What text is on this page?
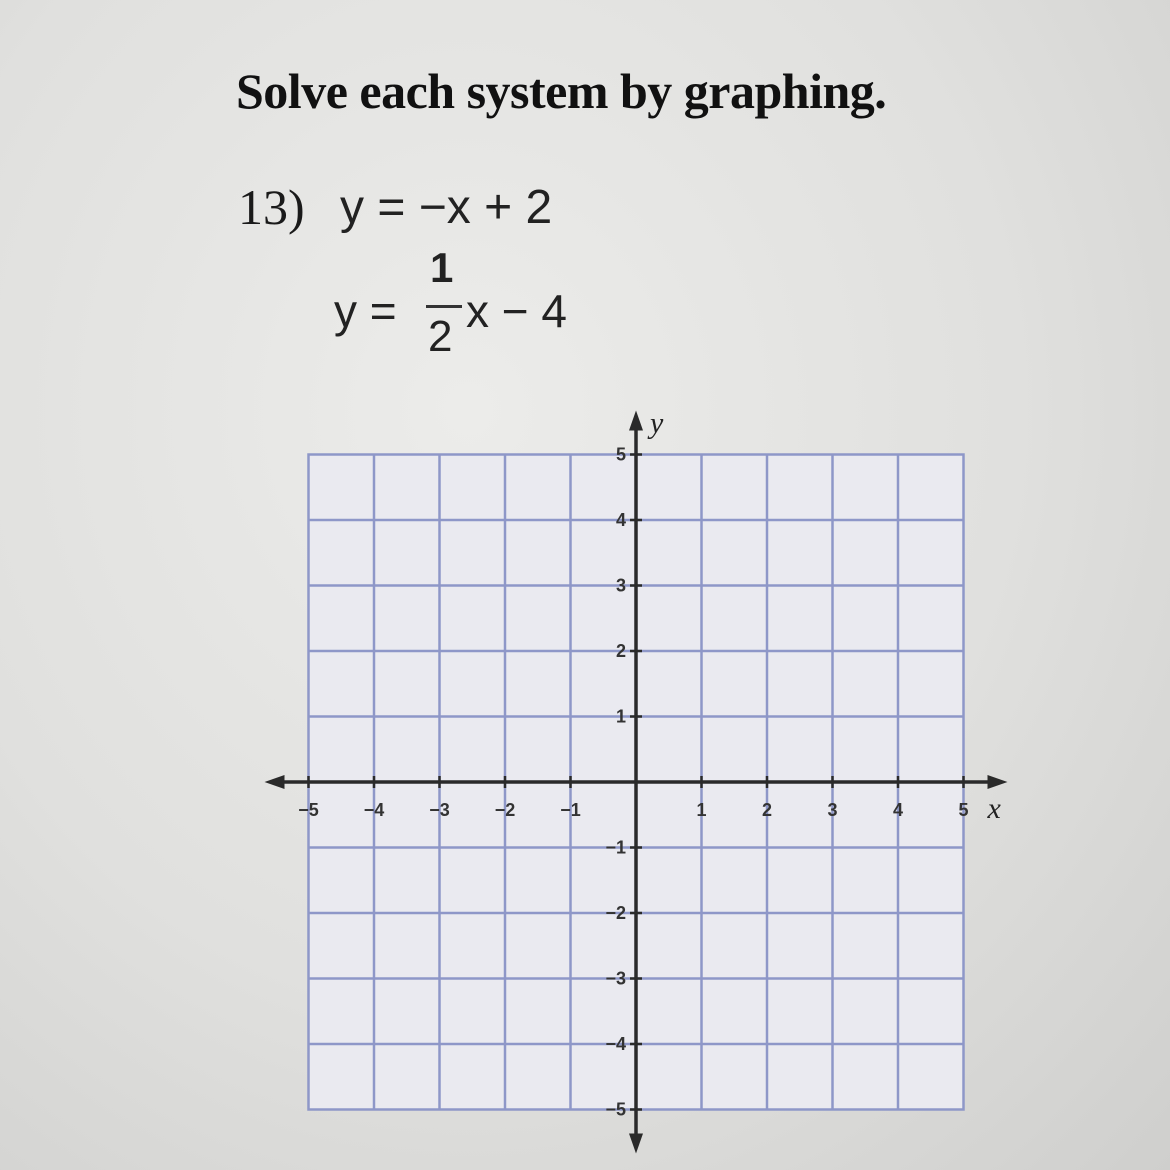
Solve each system by graphing.
13) y = −x + 2
y =
1
2 x − 4
−5 −4 −3 −2 −1	1	2	3	4	5
5
4
3
2
1
−1
−2
−3
−4
−5
x
y
